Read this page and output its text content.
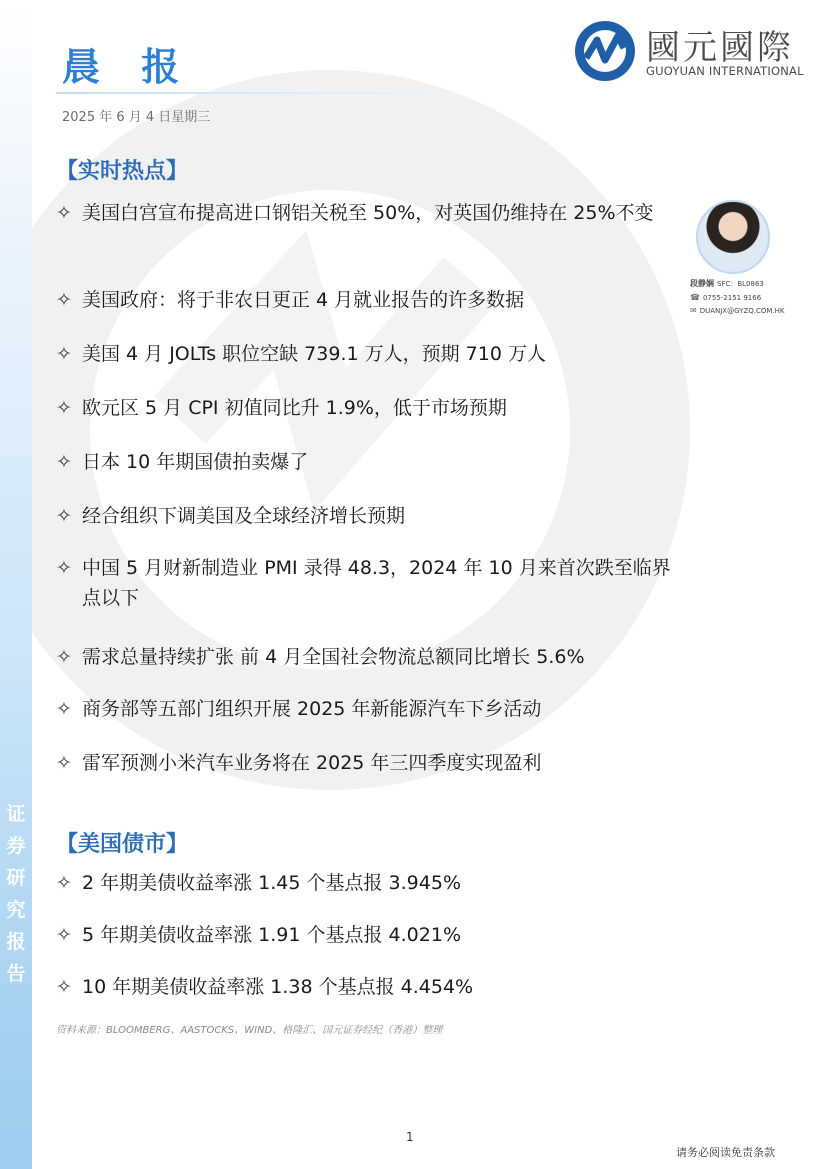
证
券
研
究
报
告
晨 报
2025 年 6 月 4 日星期三
國元國際
GUOYUAN INTERNATIONAL
段静娴 SFC：BL0863
☎ 0755-2151 9166
✉ DUANJX@GYZQ.COM.HK
【实时热点】
✧ 美国白宫宣布提高进口钢铝关税至 50%，对英国仍维持在 25%不变
✧ 美国政府：将于非农日更正 4 月就业报告的许多数据
✧ 美国 4 月 JOLTs 职位空缺 739.1 万人，预期 710 万人
✧ 欧元区 5 月 CPI 初值同比升 1.9%，低于市场预期
✧ 日本 10 年期国债拍卖爆了
✧ 经合组织下调美国及全球经济增长预期
✧ 中国 5 月财新制造业 PMI 录得 48.3，2024 年 10 月来首次跌至临界点以下
✧ 需求总量持续扩张 前 4 月全国社会物流总额同比增长 5.6%
✧ 商务部等五部门组织开展 2025 年新能源汽车下乡活动
✧ 雷军预测小米汽车业务将在 2025 年三四季度实现盈利
【美国债市】
✧ 2 年期美债收益率涨 1.45 个基点报 3.945%
✧ 5 年期美债收益率涨 1.91 个基点报 4.021%
✧ 10 年期美债收益率涨 1.38 个基点报 4.454%
资料来源：BLOOMBERG、AASTOCKS、WIND、格隆汇、国元证券经纪（香港）整理
1
请务必阅读免责条款
